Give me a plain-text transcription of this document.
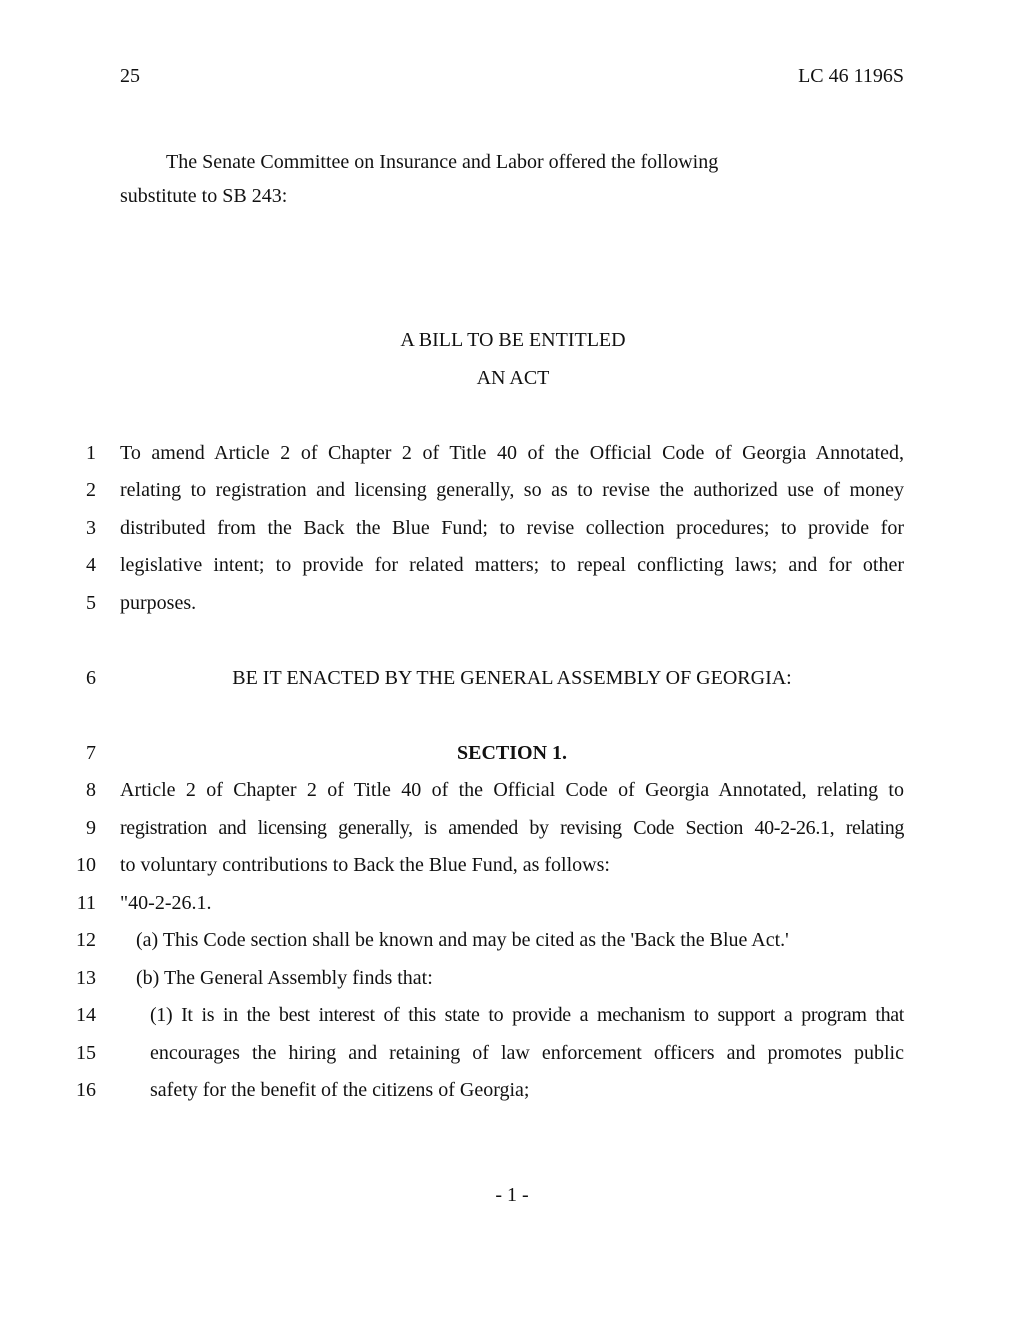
25	LC 46 1196S
The Senate Committee on Insurance and Labor offered the following
substitute to SB 243:
A BILL TO BE ENTITLED
AN ACT
1 To amend Article 2 of Chapter 2 of Title 40 of the Official Code of Georgia Annotated,
2 relating to registration and licensing generally, so as to revise the authorized use of money
3 distributed from the Back the Blue Fund; to revise collection procedures; to provide for
4 legislative intent; to provide for related matters; to repeal conflicting laws; and for other
5 purposes.
6	BE IT ENACTED BY THE GENERAL ASSEMBLY OF GEORGIA:
7	SECTION 1.
8 Article 2 of Chapter 2 of Title 40 of the Official Code of Georgia Annotated, relating to
9 registration and licensing generally, is amended by revising Code Section 40-2-26.1, relating
10 to voluntary contributions to Back the Blue Fund, as follows:
11 "40-2-26.1.
12 (a) This Code section shall be known and may be cited as the 'Back the Blue Act.'
13 (b) The General Assembly finds that:
14	(1) It is in the best interest of this state to provide a mechanism to support a program that
15	encourages the hiring and retaining of law enforcement officers and promotes public
16	safety for the benefit of the citizens of Georgia;
- 1 -
